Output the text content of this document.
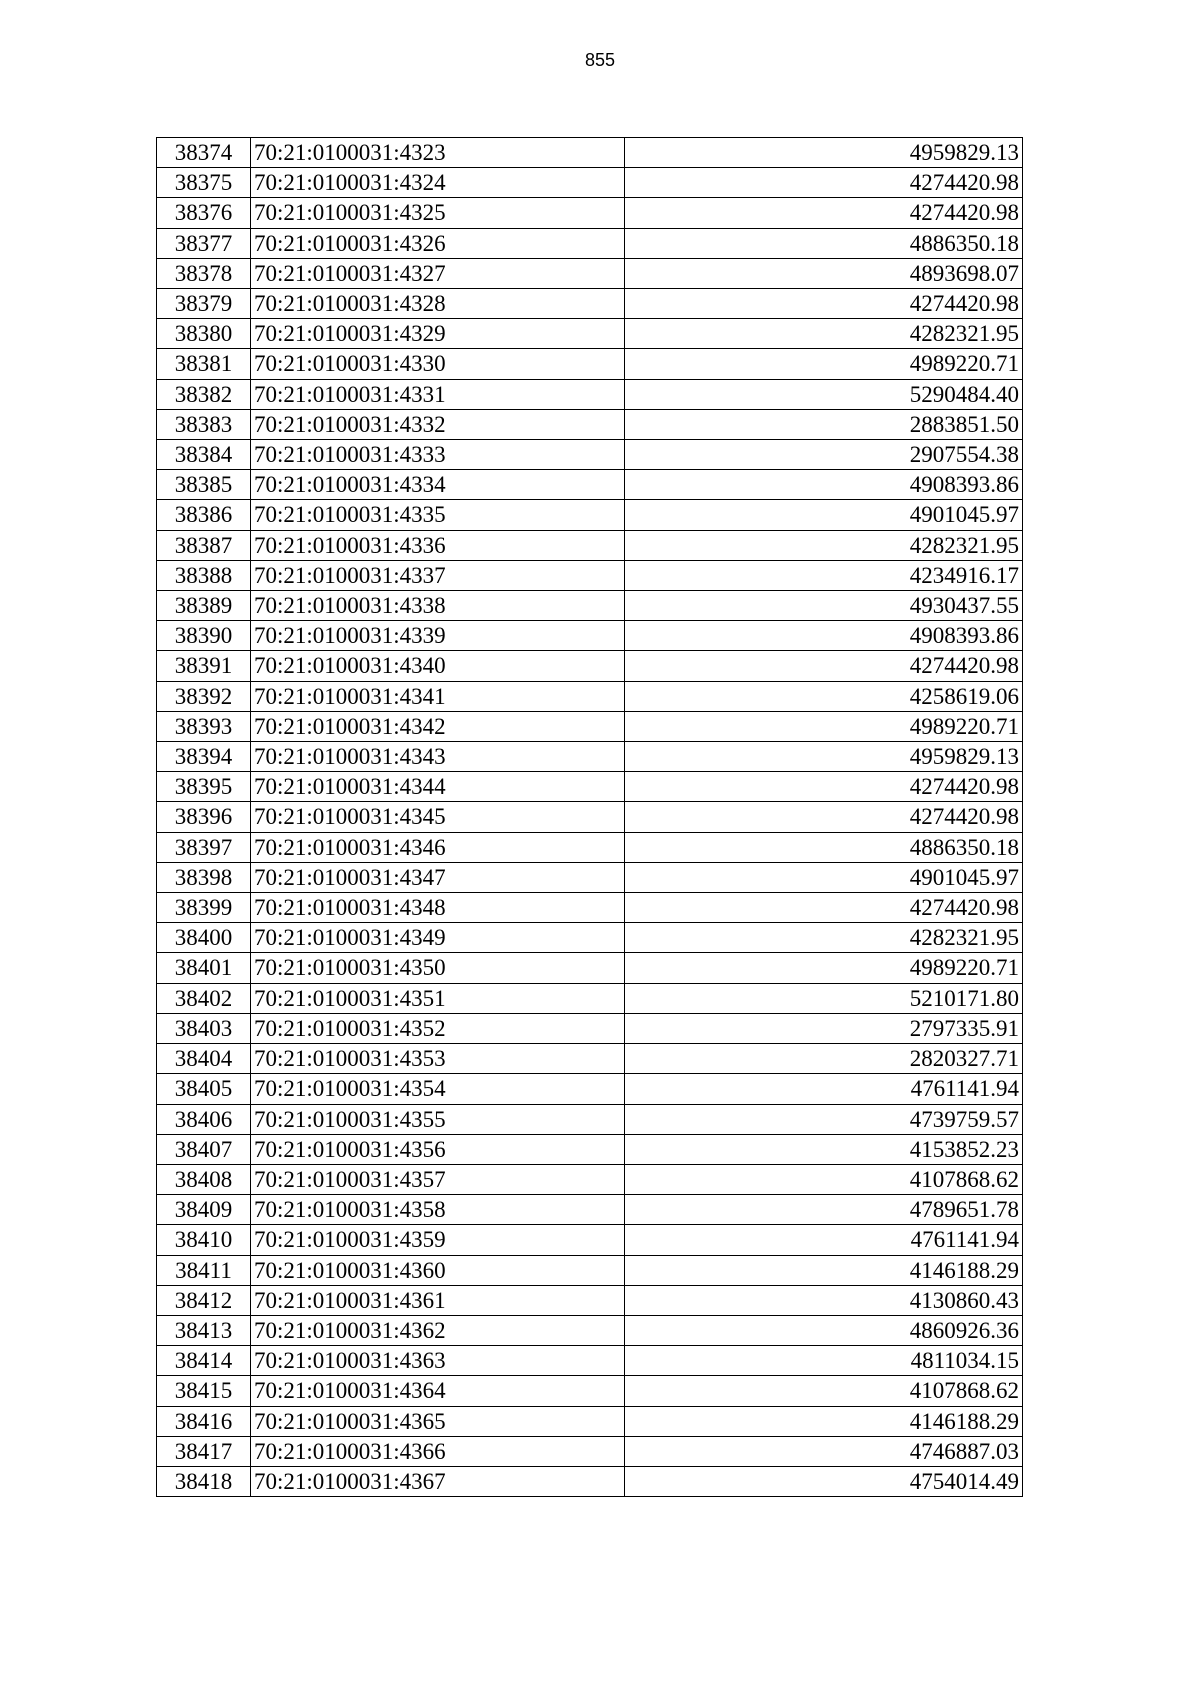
855
38374	70:21:0100031:4323	4959829.13
38375	70:21:0100031:4324	4274420.98
38376	70:21:0100031:4325	4274420.98
38377	70:21:0100031:4326	4886350.18
38378	70:21:0100031:4327	4893698.07
38379	70:21:0100031:4328	4274420.98
38380	70:21:0100031:4329	4282321.95
38381	70:21:0100031:4330	4989220.71
38382	70:21:0100031:4331	5290484.40
38383	70:21:0100031:4332	2883851.50
38384	70:21:0100031:4333	2907554.38
38385	70:21:0100031:4334	4908393.86
38386	70:21:0100031:4335	4901045.97
38387	70:21:0100031:4336	4282321.95
38388	70:21:0100031:4337	4234916.17
38389	70:21:0100031:4338	4930437.55
38390	70:21:0100031:4339	4908393.86
38391	70:21:0100031:4340	4274420.98
38392	70:21:0100031:4341	4258619.06
38393	70:21:0100031:4342	4989220.71
38394	70:21:0100031:4343	4959829.13
38395	70:21:0100031:4344	4274420.98
38396	70:21:0100031:4345	4274420.98
38397	70:21:0100031:4346	4886350.18
38398	70:21:0100031:4347	4901045.97
38399	70:21:0100031:4348	4274420.98
38400	70:21:0100031:4349	4282321.95
38401	70:21:0100031:4350	4989220.71
38402	70:21:0100031:4351	5210171.80
38403	70:21:0100031:4352	2797335.91
38404	70:21:0100031:4353	2820327.71
38405	70:21:0100031:4354	4761141.94
38406	70:21:0100031:4355	4739759.57
38407	70:21:0100031:4356	4153852.23
38408	70:21:0100031:4357	4107868.62
38409	70:21:0100031:4358	4789651.78
38410	70:21:0100031:4359	4761141.94
38411	70:21:0100031:4360	4146188.29
38412	70:21:0100031:4361	4130860.43
38413	70:21:0100031:4362	4860926.36
38414	70:21:0100031:4363	4811034.15
38415	70:21:0100031:4364	4107868.62
38416	70:21:0100031:4365	4146188.29
38417	70:21:0100031:4366	4746887.03
38418	70:21:0100031:4367	4754014.49
